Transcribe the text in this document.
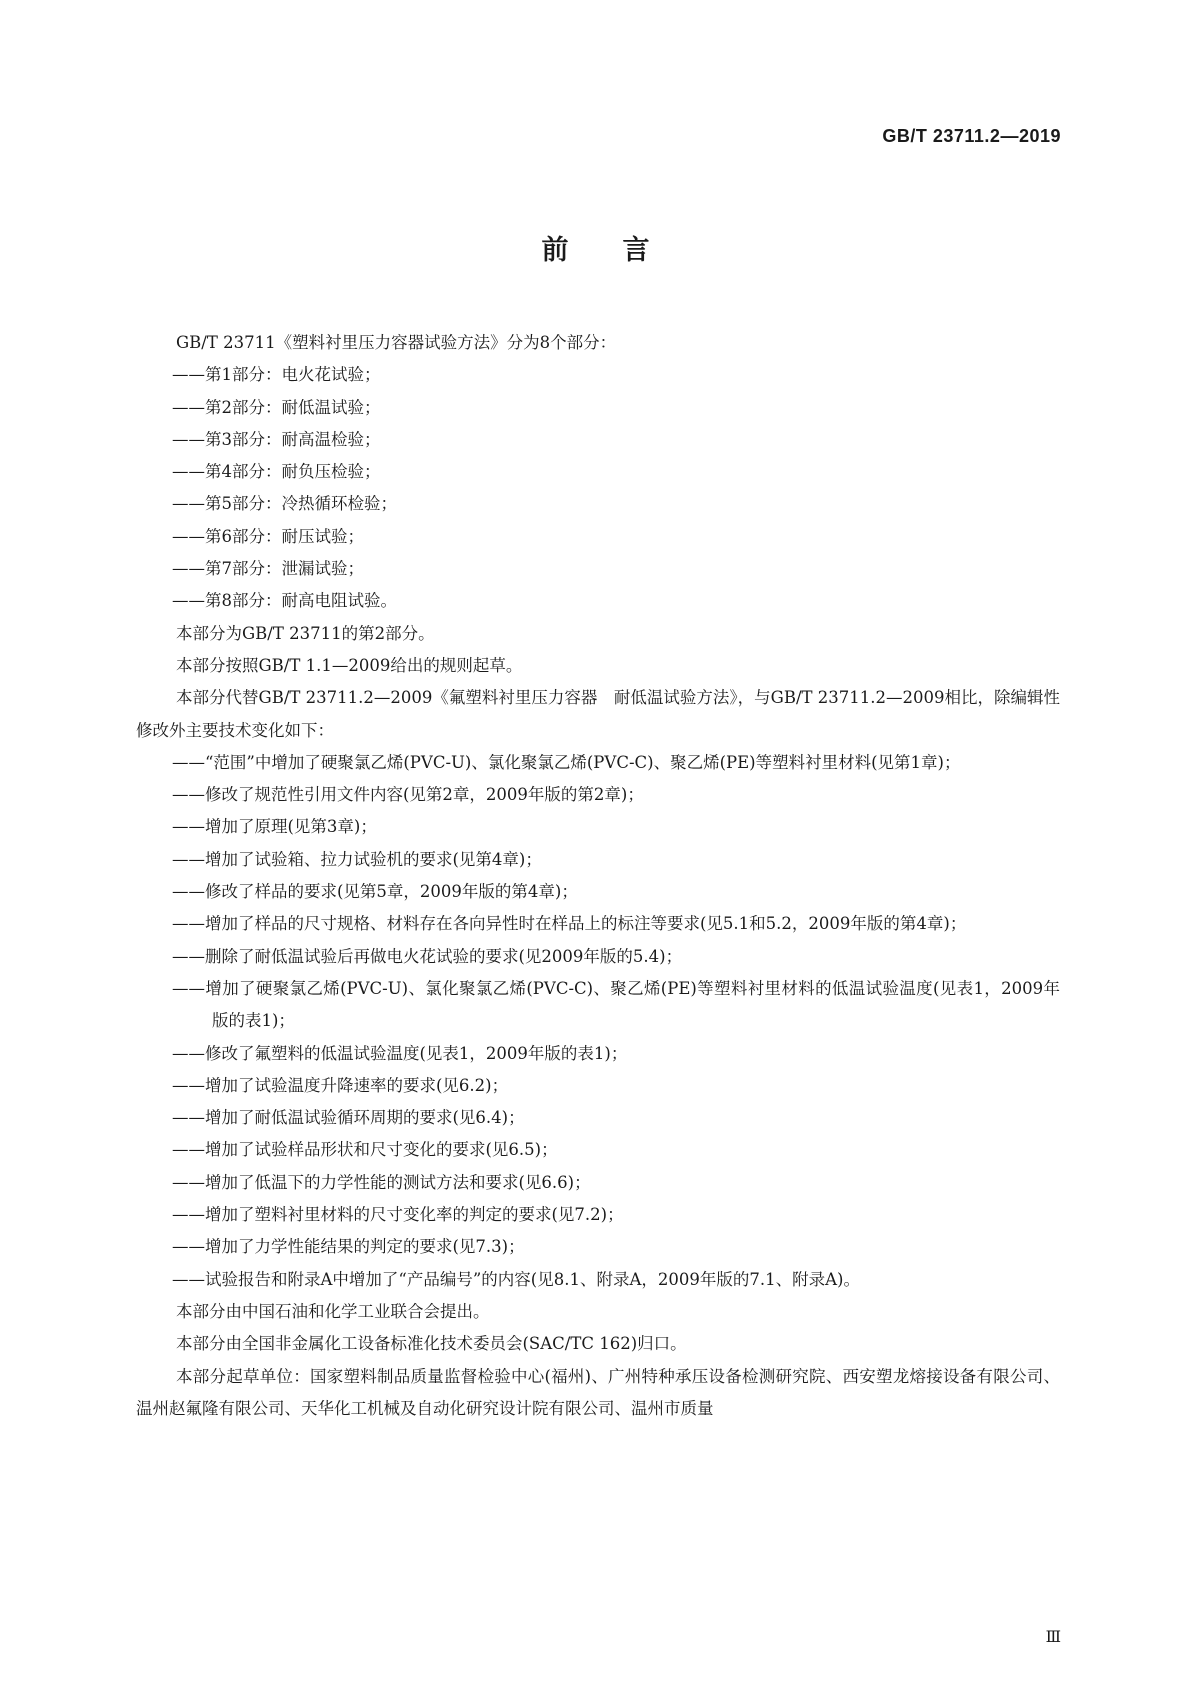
GB/T 23711.2—2019
前 言

GB/T 23711《塑料衬里压力容器试验方法》分为8个部分：

——第1部分：电火花试验；

——第2部分：耐低温试验；

——第3部分：耐高温检验；

——第4部分：耐负压检验；

——第5部分：冷热循环检验；

——第6部分：耐压试验；

——第7部分：泄漏试验；

——第8部分：耐高电阻试验。

本部分为GB/T 23711的第2部分。

本部分按照GB/T 1.1—2009给出的规则起草。

本部分代替GB/T 23711.2—2009《氟塑料衬里压力容器　耐低温试验方法》，与GB/T 23711.2—2009相比，除编辑性修改外主要技术变化如下：

——“范围”中增加了硬聚氯乙烯(PVC-U)、氯化聚氯乙烯(PVC-C)、聚乙烯(PE)等塑料衬里材料(见第1章)；

——修改了规范性引用文件内容(见第2章，2009年版的第2章)；

——增加了原理(见第3章)；

——增加了试验箱、拉力试验机的要求(见第4章)；

——修改了样品的要求(见第5章，2009年版的第4章)；

——增加了样品的尺寸规格、材料存在各向异性时在样品上的标注等要求(见5.1和5.2，2009年版的第4章)；

——删除了耐低温试验后再做电火花试验的要求(见2009年版的5.4)；

——增加了硬聚氯乙烯(PVC-U)、氯化聚氯乙烯(PVC-C)、聚乙烯(PE)等塑料衬里材料的低温试验温度(见表1，2009年版的表1)；

——修改了氟塑料的低温试验温度(见表1，2009年版的表1)；

——增加了试验温度升降速率的要求(见6.2)；

——增加了耐低温试验循环周期的要求(见6.4)；

——增加了试验样品形状和尺寸变化的要求(见6.5)；

——增加了低温下的力学性能的测试方法和要求(见6.6)；

——增加了塑料衬里材料的尺寸变化率的判定的要求(见7.2)；

——增加了力学性能结果的判定的要求(见7.3)；

——试验报告和附录A中增加了“产品编号”的内容(见8.1、附录A，2009年版的7.1、附录A)。

本部分由中国石油和化学工业联合会提出。

本部分由全国非金属化工设备标准化技术委员会(SAC/TC 162)归口。

本部分起草单位：国家塑料制品质量监督检验中心(福州)、广州特种承压设备检测研究院、西安塑龙熔接设备有限公司、温州赵氟隆有限公司、天华化工机械及自动化研究设计院有限公司、温州市质量

Ⅲ
